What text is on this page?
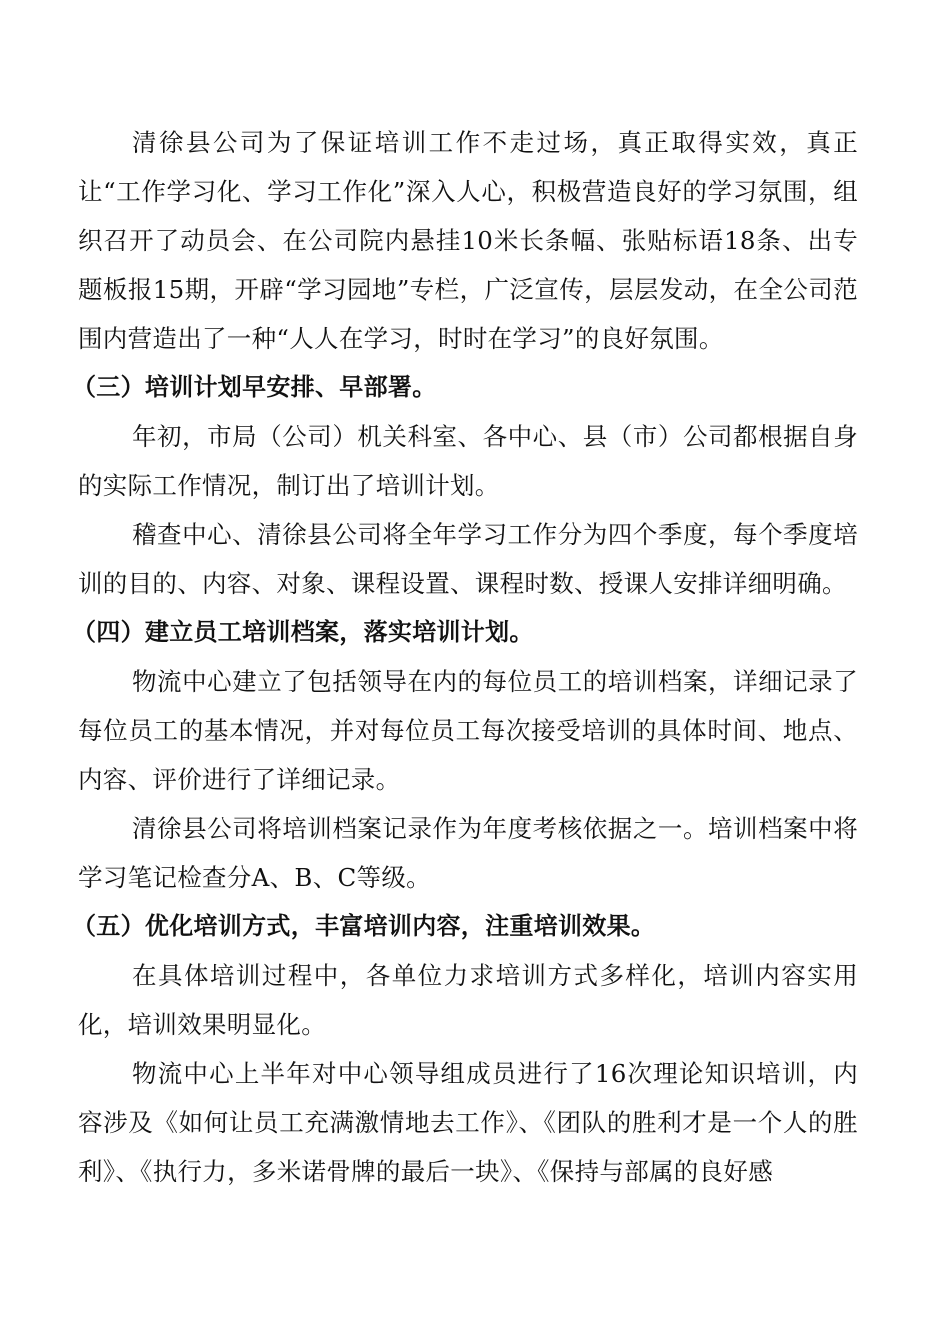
清徐县公司为了保证培训工作不走过场，真正取得实效，真正让“工作学习化、学习工作化”深入人心，积极营造良好的学习氛围，组织召开了动员会、在公司院内悬挂10米长条幅、张贴标语18条、出专题板报15期，开辟“学习园地”专栏，广泛宣传，层层发动，在全公司范围内营造出了一种“人人在学习，时时在学习”的良好氛围。

（三）培训计划早安排、早部署。

年初，市局（公司）机关科室、各中心、县（市）公司都根据自身的实际工作情况，制订出了培训计划。

稽查中心、清徐县公司将全年学习工作分为四个季度，每个季度培训的目的、内容、对象、课程设置、课程时数、授课人安排详细明确。

（四）建立员工培训档案，落实培训计划。

物流中心建立了包括领导在内的每位员工的培训档案，详细记录了每位员工的基本情况，并对每位员工每次接受培训的具体时间、地点、内容、评价进行了详细记录。

清徐县公司将培训档案记录作为年度考核依据之一。培训档案中将学习笔记检查分A、B、C等级。

（五）优化培训方式，丰富培训内容，注重培训效果。

在具体培训过程中，各单位力求培训方式多样化，培训内容实用化，培训效果明显化。

物流中心上半年对中心领导组成员进行了16次理论知识培训，内容涉及《如何让员工充满激情地去工作》、《团队的胜利才是一个人的胜利》、《执行力，多米诺骨牌的最后一块》、《保持与部属的良好感
